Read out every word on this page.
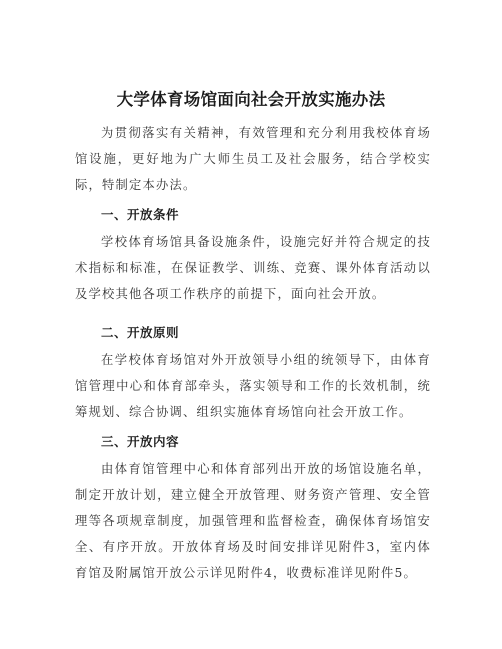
大学体育场馆面向社会开放实施办法

为贯彻落实有关精神，有效管理和充分利用我校体育场馆设施，更好地为广大师生员工及社会服务，结合学校实际，特制定本办法。

一、开放条件

学校体育场馆具备设施条件，设施完好并符合规定的技术指标和标准，在保证教学、训练、竞赛、课外体育活动以及学校其他各项工作秩序的前提下，面向社会开放。

二、开放原则

在学校体育场馆对外开放领导小组的统领导下，由体育馆管理中心和体育部牵头，落实领导和工作的长效机制，统筹规划、综合协调、组织实施体育场馆向社会开放工作。

三、开放内容

由体育馆管理中心和体育部列出开放的场馆设施名单，制定开放计划，建立健全开放管理、财务资产管理、安全管理等各项规章制度，加强管理和监督检查，确保体育场馆安全、有序开放。开放体育场及时间安排详见附件3，室内体育馆及附属馆开放公示详见附件4，收费标准详见附件5。
